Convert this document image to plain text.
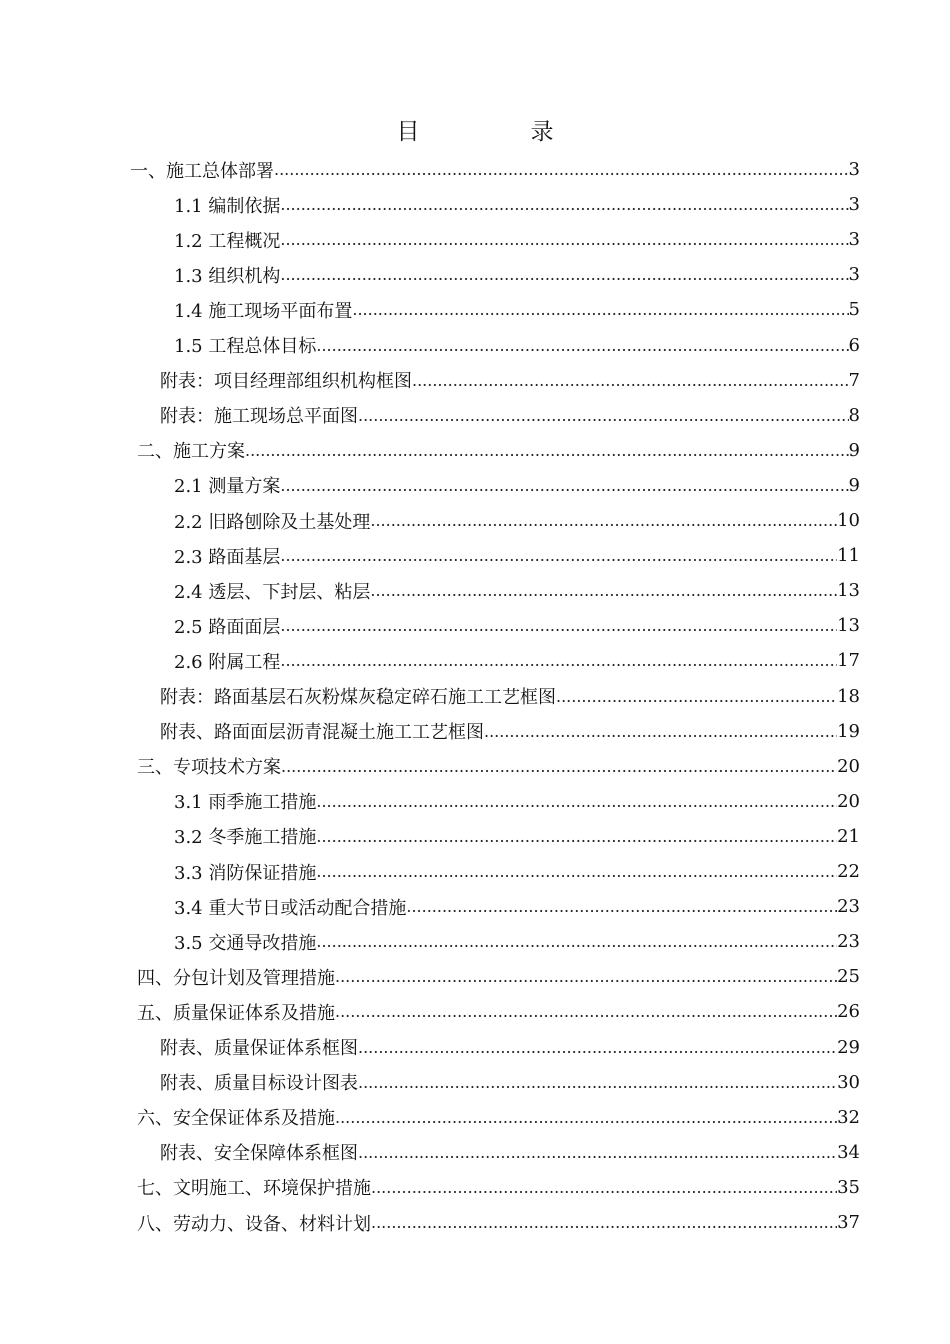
目　录
一、施工总体部署 .....	3
1.1 编制依据 .....	3
1.2 工程概况 .....	3
1.3 组织机构 .....	3
1.4 施工现场平面布置 .....	5
1.5 工程总体目标 .....	6
附表：项目经理部组织机构框图 .....	7
附表：施工现场总平面图 .....	8
二、施工方案 .....	9
2.1 测量方案 .....	9
2.2 旧路刨除及土基处理 .....	10
2.3 路面基层 .....	11
2.4 透层、下封层、粘层 .....	13
2.5 路面面层 .....	13
2.6 附属工程 .....	17
附表：路面基层石灰粉煤灰稳定碎石施工工艺框图 .....	18
附表、路面面层沥青混凝土施工工艺框图 .....	19
三、专项技术方案 .....	20
3.1 雨季施工措施 .....	20
3.2 冬季施工措施 .....	21
3.3 消防保证措施 .....	22
3.4 重大节日或活动配合措施 .....	23
3.5 交通导改措施 .....	23
四、分包计划及管理措施 .....	25
五、质量保证体系及措施 .....	26
附表、质量保证体系框图 .....	29
附表、质量目标设计图表 .....	30
六、安全保证体系及措施 .....	32
附表、安全保障体系框图 .....	34
七、文明施工、环境保护措施 .....	35
八、劳动力、设备、材料计划 .....	37
